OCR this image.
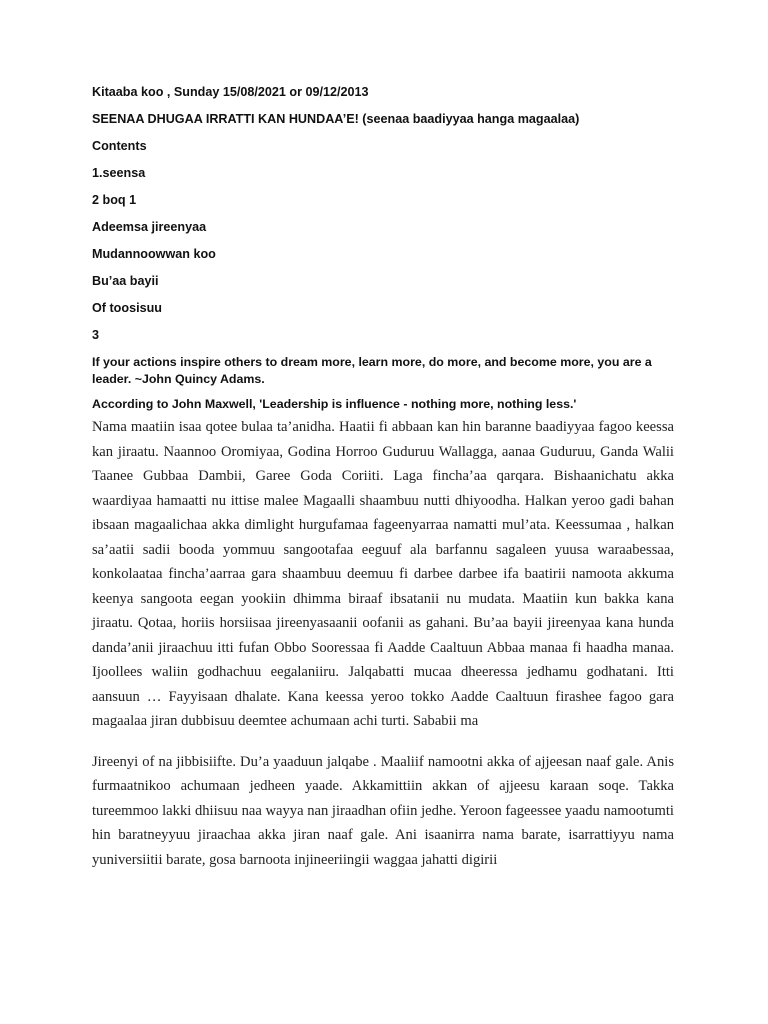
Kitaaba koo , Sunday 15/08/2021 or 09/12/2013
SEENAA DHUGAA IRRATTI KAN HUNDAA’E! (seenaa baadiyyaa hanga magaalaa)
Contents
1.seensa
2 boq 1
Adeemsa jireenyaa
Mudannoowwan koo
Bu’aa bayii
Of toosisuu
3
If your actions inspire others to dream more, learn more, do more, and become more, you are a leader. ~John Quincy Adams.
According to John Maxwell, 'Leadership is influence - nothing more, nothing less.'

Nama maatiin isaa qotee bulaa ta’anidha. Haatii fi abbaan kan hin baranne baadiyyaa fagoo keessa kan jiraatu. Naannoo Oromiyaa, Godina Horroo Guduruu Wallagga, aanaa Guduruu, Ganda Walii Taanee Gubbaa Dambii, Garee Goda Coriiti. Laga fincha’aa qarqara. Bishaanichatu akka waardiyaa hamaatti nu ittise malee Magaalli shaambuu nutti dhiyoodha. Halkan yeroo gadi bahan ibsaan magaalichaa akka dimlight hurgufamaa fageenyarraa namatti mul’ata. Keessumaa , halkan sa’aatii sadii booda yommuu sangootafaa eeguuf ala barfannu sagaleen yuusa waraabessaa, konkolaataa fincha’aarraa gara shaambuu deemuu fi darbee darbee ifa baatirii namoota akkuma keenya sangoota eegan yookiin dhimma biraaf ibsatanii nu mudata. Maatiin kun bakka kana jiraatu. Qotaa, horiis horsiisaa jireenyasaanii oofanii as gahani. Bu’aa bayii jireenyaa kana hunda danda’anii jiraachuu itti fufan Obbo Sooressaa fi Aadde Caaltuun Abbaa manaa fi haadha manaa. Ijoollees waliin godhachuu eegalaniiru. Jalqabatti mucaa dheeressa jedhamu godhatani. Itti aansuun … Fayyisaan dhalate. Kana keessa yeroo tokko Aadde Caaltuun firashee fagoo gara magaalaa jiran dubbisuu deemtee achumaan achi turti. Sababii ma

Jireenyi of na jibbisiifte. Du’a yaaduun jalqabe . Maaliif namootni akka of ajjeesan naaf gale. Anis furmaatnikoo achumaan jedheen yaade. Akkamittiin akkan of ajjeesu karaan soqe. Takka tureemmoo lakki dhiisuu naa wayya nan jiraadhan ofiin jedhe. Yeroon fageessee yaadu namootumti hin baratneyyuu jiraachaa akka jiran naaf gale. Ani isaanirra nama barate, isarrattiyyu nama yuniversiitii barate, gosa barnoota injineeriingii waggaa jahatti digirii
